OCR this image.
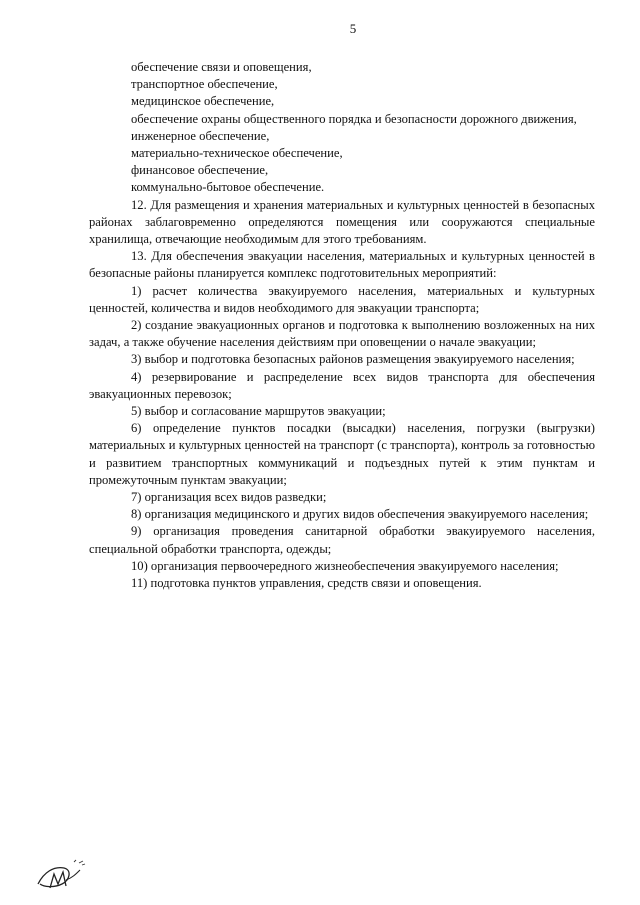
5

обеспечение связи и оповещения,

транспортное обеспечение,

медицинское обеспечение,

обеспечение охраны общественного порядка и безопасности дорожного движения,

инженерное обеспечение,

материально-техническое обеспечение,

финансовое обеспечение,

коммунально-бытовое обеспечение.

12. Для размещения и хранения материальных и культурных ценностей в безопасных районах заблаговременно определяются помещения или сооружаются специальные хранилища, отвечающие необходимым для этого требованиям.

13. Для обеспечения эвакуации населения, материальных и культурных ценностей в безопасные районы планируется комплекс подготовительных мероприятий:

1) расчет количества эвакуируемого населения, материальных и культурных ценностей, количества и видов необходимого для эвакуации транспорта;

2) создание эвакуационных органов и подготовка к выполнению возложенных на них задач, а также обучение населения действиям при оповещении о начале эвакуации;

3) выбор и подготовка безопасных районов размещения эвакуируемого населения;

4) резервирование и распределение всех видов транспорта для обеспечения эвакуационных перевозок;

5) выбор и согласование маршрутов эвакуации;

6) определение пунктов посадки (высадки) населения, погрузки (выгрузки) материальных и культурных ценностей на транспорт (с транспорта), контроль за готовностью и развитием транспортных коммуникаций и подъездных путей к этим пунктам и промежуточным пунктам эвакуации;

7) организация всех видов разведки;

8) организация медицинского и других видов обеспечения эвакуируемого населения;

9) организация проведения санитарной обработки эвакуируемого населения, специальной обработки транспорта, одежды;

10) организация первоочередного жизнеобеспечения эвакуируемого населения;

11) подготовка пунктов управления, средств связи и оповещения.
